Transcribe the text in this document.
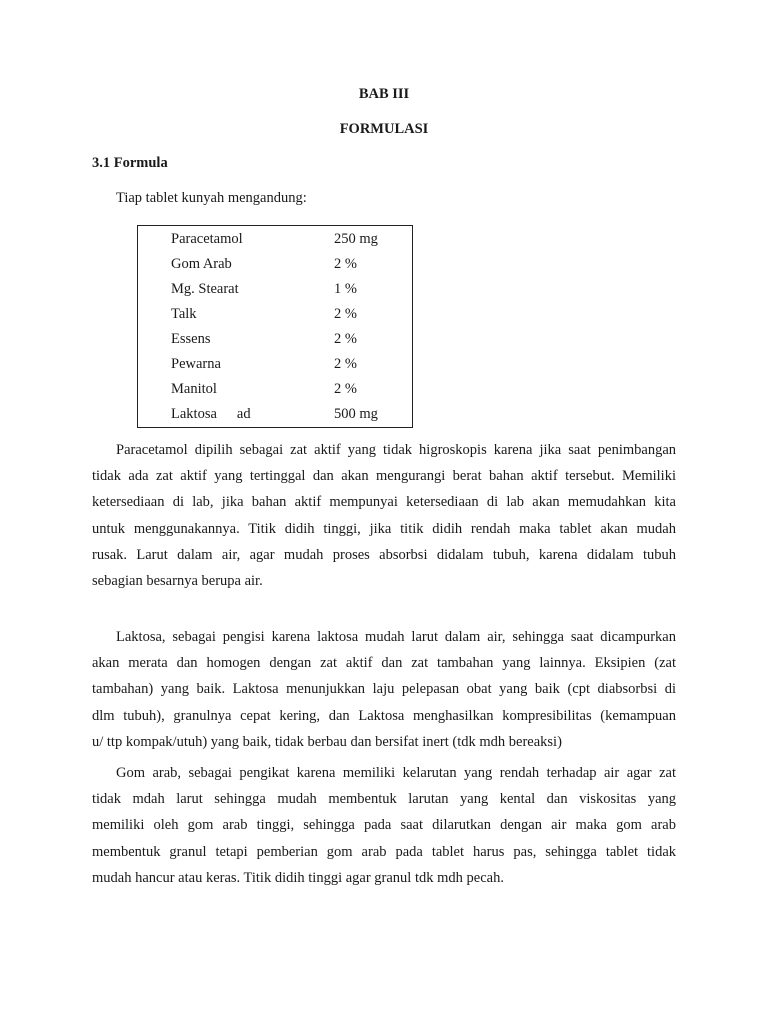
BAB III
FORMULASI
3.1 Formula
Tiap tablet kunyah mengandung:
Paracetamol	250 mg
Gom Arab	2 %
Mg. Stearat	1 %
Talk	2 %
Essens	2 %
Pewarna	2 %
Manitol	2 %
Laktosa ad	500 mg
Paracetamol dipilih sebagai zat aktif yang tidak higroskopis karena jika saat penimbangan
tidak ada zat aktif yang tertinggal dan akan mengurangi berat bahan aktif tersebut. Memiliki
ketersediaan di lab, jika bahan aktif mempunyai ketersediaan di lab akan memudahkan kita
untuk menggunakannya. Titik didih tinggi, jika titik didih rendah maka tablet akan mudah
rusak. Larut dalam air, agar mudah proses absorbsi didalam tubuh, karena didalam tubuh
sebagian besarnya berupa air.
Laktosa, sebagai pengisi karena laktosa mudah larut dalam air, sehingga saat dicampurkan
akan merata dan homogen dengan zat aktif dan zat tambahan yang lainnya. Eksipien (zat
tambahan) yang baik. Laktosa menunjukkan laju pelepasan obat yang baik (cpt diabsorbsi di
dlm tubuh), granulnya cepat kering, dan Laktosa menghasilkan kompresibilitas (kemampuan
u/ ttp kompak/utuh) yang baik, tidak berbau dan bersifat inert (tdk mdh bereaksi)
Gom arab, sebagai pengikat karena memiliki kelarutan yang rendah terhadap air agar zat
tidak mdah larut sehingga mudah membentuk larutan yang kental dan viskositas yang
memiliki oleh gom arab tinggi, sehingga pada saat dilarutkan dengan air maka gom arab
membentuk granul tetapi pemberian gom arab pada tablet harus pas, sehingga tablet tidak
mudah hancur atau keras. Titik didih tinggi agar granul tdk mdh pecah.
